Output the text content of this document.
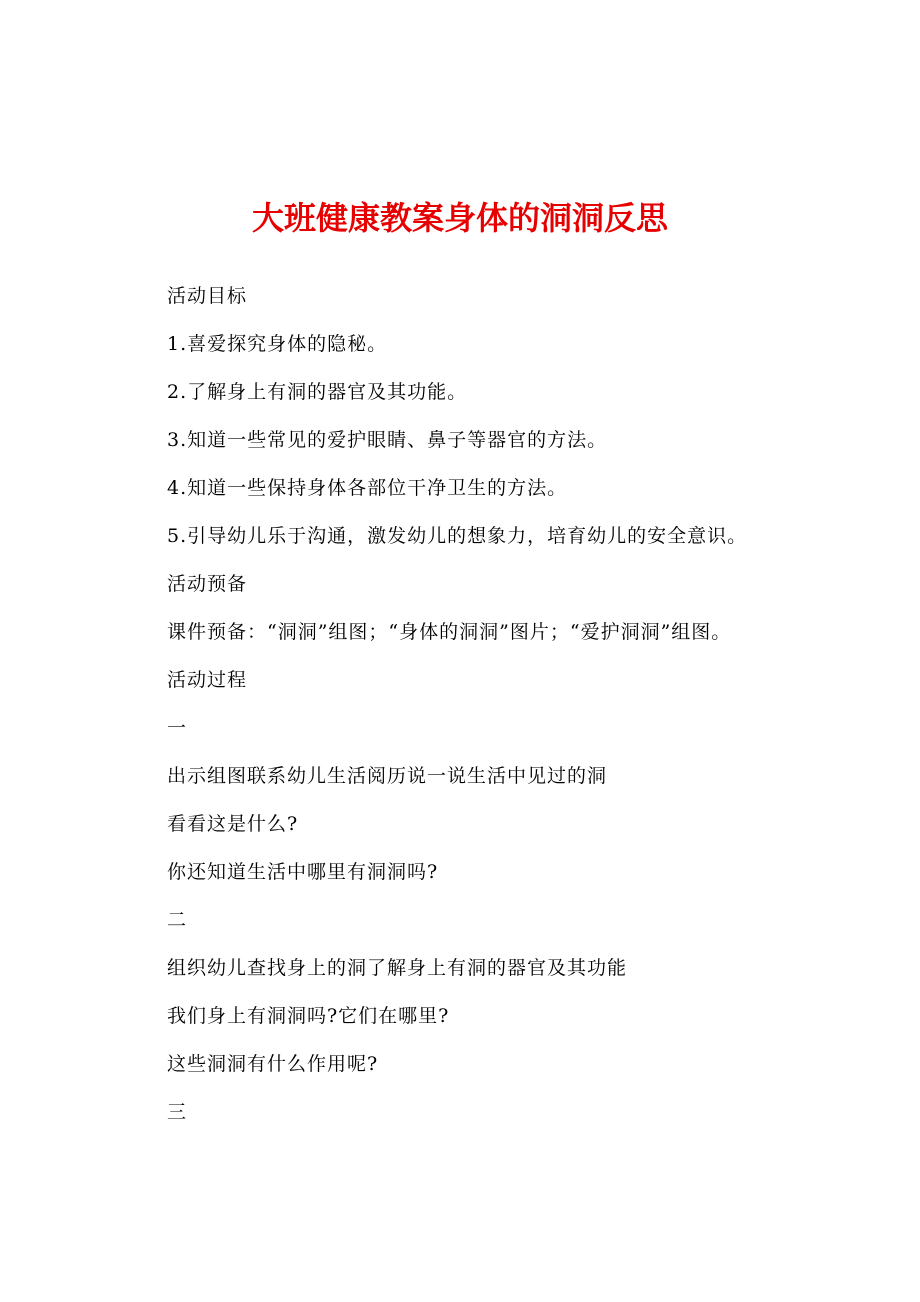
大班健康教案身体的洞洞反思
活动目标
1.喜爱探究身体的隐秘。
2.了解身上有洞的器官及其功能。
3.知道一些常见的爱护眼睛、鼻子等器官的方法。
4.知道一些保持身体各部位干净卫生的方法。
5.引导幼儿乐于沟通，激发幼儿的想象力，培育幼儿的安全意识。
活动预备
课件预备：“洞洞”组图；“身体的洞洞”图片；“爱护洞洞”组图。
活动过程
一
出示组图联系幼儿生活阅历说一说生活中见过的洞
看看这是什么?
你还知道生活中哪里有洞洞吗?
二
组织幼儿查找身上的洞了解身上有洞的器官及其功能
我们身上有洞洞吗?它们在哪里?
这些洞洞有什么作用呢?
三
